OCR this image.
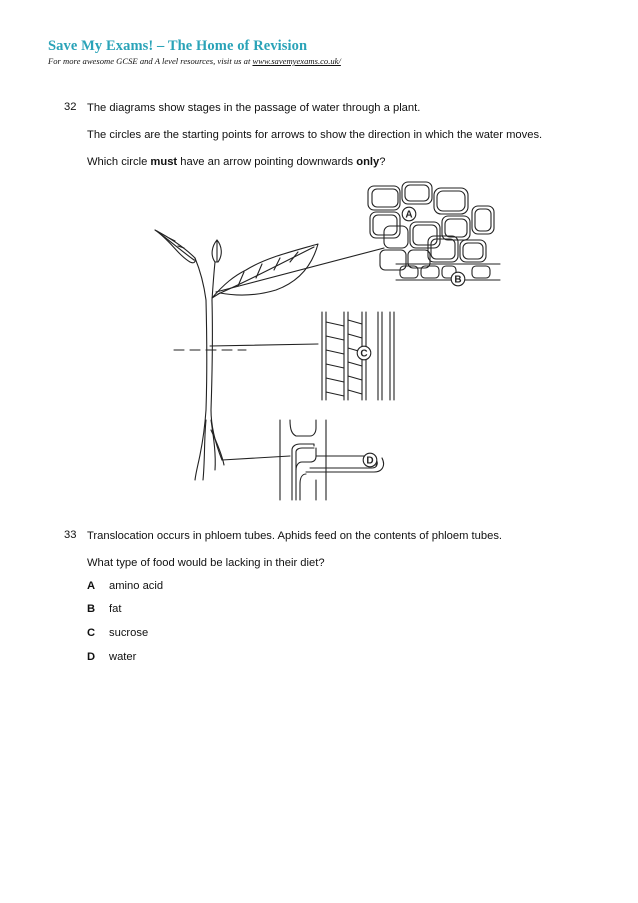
Save My Exams! – The Home of Revision
For more awesome GCSE and A level resources, visit us at www.savemyexams.co.uk/
32 The diagrams show stages in the passage of water through a plant.
The circles are the starting points for arrows to show the direction in which the water moves.
Which circle must have an arrow pointing downwards only?
A
B
C
D
33 Translocation occurs in phloem tubes. Aphids feed on the contents of phloem tubes.
What type of food would be lacking in their diet?
A amino acid
B fat
C sucrose
D water
